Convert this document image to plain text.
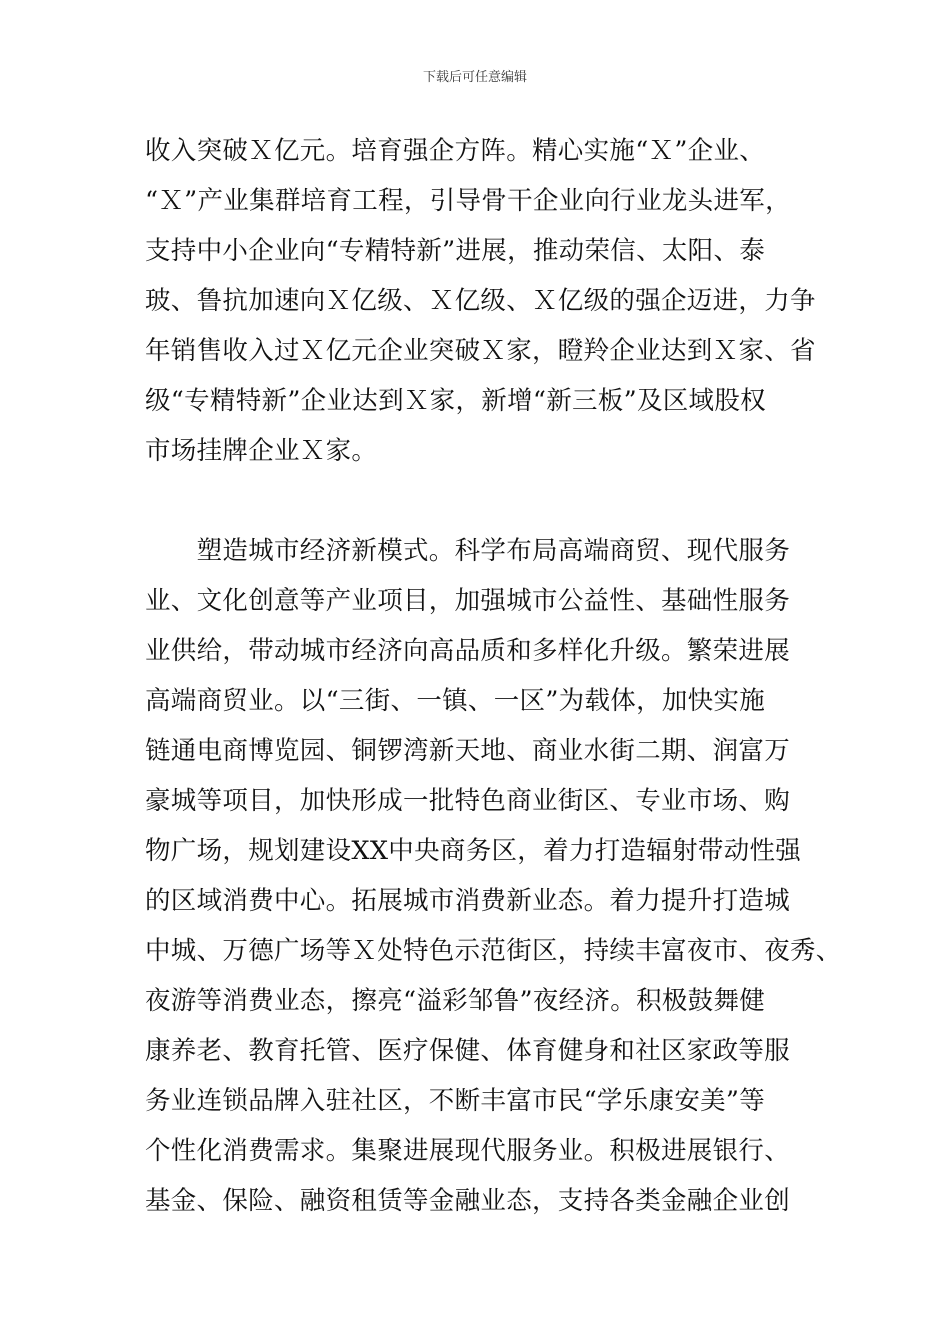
下载后可任意编辑
收入突破Ｘ亿元。培育强企方阵。精心实施“Ｘ”企业、
“Ｘ”产业集群培育工程，引导骨干企业向行业龙头进军，
支持中小企业向“专精特新”进展，推动荣信、太阳、泰
玻、鲁抗加速向Ｘ亿级、Ｘ亿级、Ｘ亿级的强企迈进，力争
年销售收入过Ｘ亿元企业突破Ｘ家，瞪羚企业达到Ｘ家、省
级“专精特新”企业达到Ｘ家，新增“新三板”及区域股权
市场挂牌企业Ｘ家。
　　塑造城市经济新模式。科学布局高端商贸、现代服务
业、文化创意等产业项目，加强城市公益性、基础性服务
业供给，带动城市经济向高品质和多样化升级。繁荣进展
高端商贸业。以“三街、一镇、一区”为载体，加快实施
链通电商博览园、铜锣湾新天地、商业水街二期、润富万
豪城等项目，加快形成一批特色商业街区、专业市场、购
物广场，规划建设XX中央商务区，着力打造辐射带动性强
的区域消费中心。拓展城市消费新业态。着力提升打造城
中城、万德广场等Ｘ处特色示范街区，持续丰富夜市、夜秀、
夜游等消费业态，擦亮“溢彩邹鲁”夜经济。积极鼓舞健
康养老、教育托管、医疗保健、体育健身和社区家政等服
务业连锁品牌入驻社区，不断丰富市民“学乐康安美”等
个性化消费需求。集聚进展现代服务业。积极进展银行、
基金、保险、融资租赁等金融业态，支持各类金融企业创
